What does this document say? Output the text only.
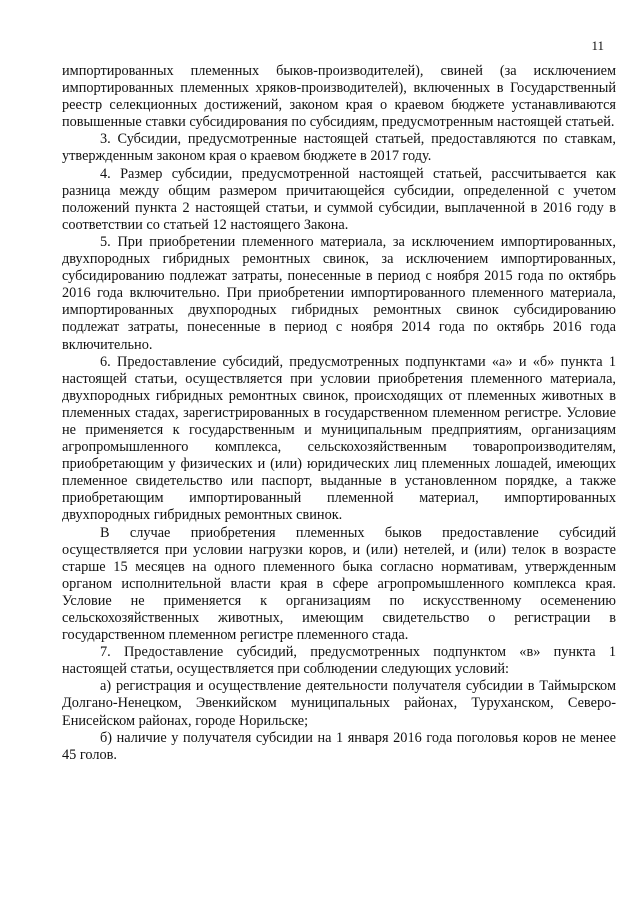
11

импортированных племенных быков-производителей), свиней (за исключением импортированных племенных хряков-производителей), включенных в Государственный реестр селекционных достижений, законом края о краевом бюджете устанавливаются повышенные ставки субсидирования по субсидиям, предусмотренным настоящей статьей.

3. Субсидии, предусмотренные настоящей статьей, предоставляются по ставкам, утвержденным законом края о краевом бюджете в 2017 году.

4. Размер субсидии, предусмотренной настоящей статьей, рассчитывается как разница между общим размером причитающейся субсидии, определенной с учетом положений пункта 2 настоящей статьи, и суммой субсидии, выплаченной в 2016 году в соответствии со статьей 12 настоящего Закона.

5. При приобретении племенного материала, за исключением импортированных, двухпородных гибридных ремонтных свинок, за исключением импортированных, субсидированию подлежат затраты, понесенные в период с ноября 2015 года по октябрь 2016 года включительно. При приобретении импортированного племенного материала, импортированных двухпородных гибридных ремонтных свинок субсидированию подлежат затраты, понесенные в период с ноября 2014 года по октябрь 2016 года включительно.

6. Предоставление субсидий, предусмотренных подпунктами «а» и «б» пункта 1 настоящей статьи, осуществляется при условии приобретения племенного материала, двухпородных гибридных ремонтных свинок, происходящих от племенных животных в племенных стадах, зарегистрированных в государственном племенном регистре. Условие не применяется к государственным и муниципальным предприятиям, организациям агропромышленного комплекса, сельскохозяйственным товаропроизводителям, приобретающим у физических и (или) юридических лиц племенных лошадей, имеющих племенное свидетельство или паспорт, выданные в установленном порядке, а также приобретающим импортированный племенной материал, импортированных двухпородных гибридных ремонтных свинок.

В случае приобретения племенных быков предоставление субсидий осуществляется при условии нагрузки коров, и (или) нетелей, и (или) телок в возрасте старше 15 месяцев на одного племенного быка согласно нормативам, утвержденным органом исполнительной власти края в сфере агропромышленного комплекса края. Условие не применяется к организациям по искусственному осеменению сельскохозяйственных животных, имеющим свидетельство о регистрации в государственном племенном регистре племенного стада.

7. Предоставление субсидий, предусмотренных подпунктом «в» пункта 1 настоящей статьи, осуществляется при соблюдении следующих условий:

а) регистрация и осуществление деятельности получателя субсидии в Таймырском Долгано-Ненецком, Эвенкийском муниципальных районах, Туруханском, Северо-Енисейском районах, городе Норильске;

б) наличие у получателя субсидии на 1 января 2016 года поголовья коров не менее 45 голов.
